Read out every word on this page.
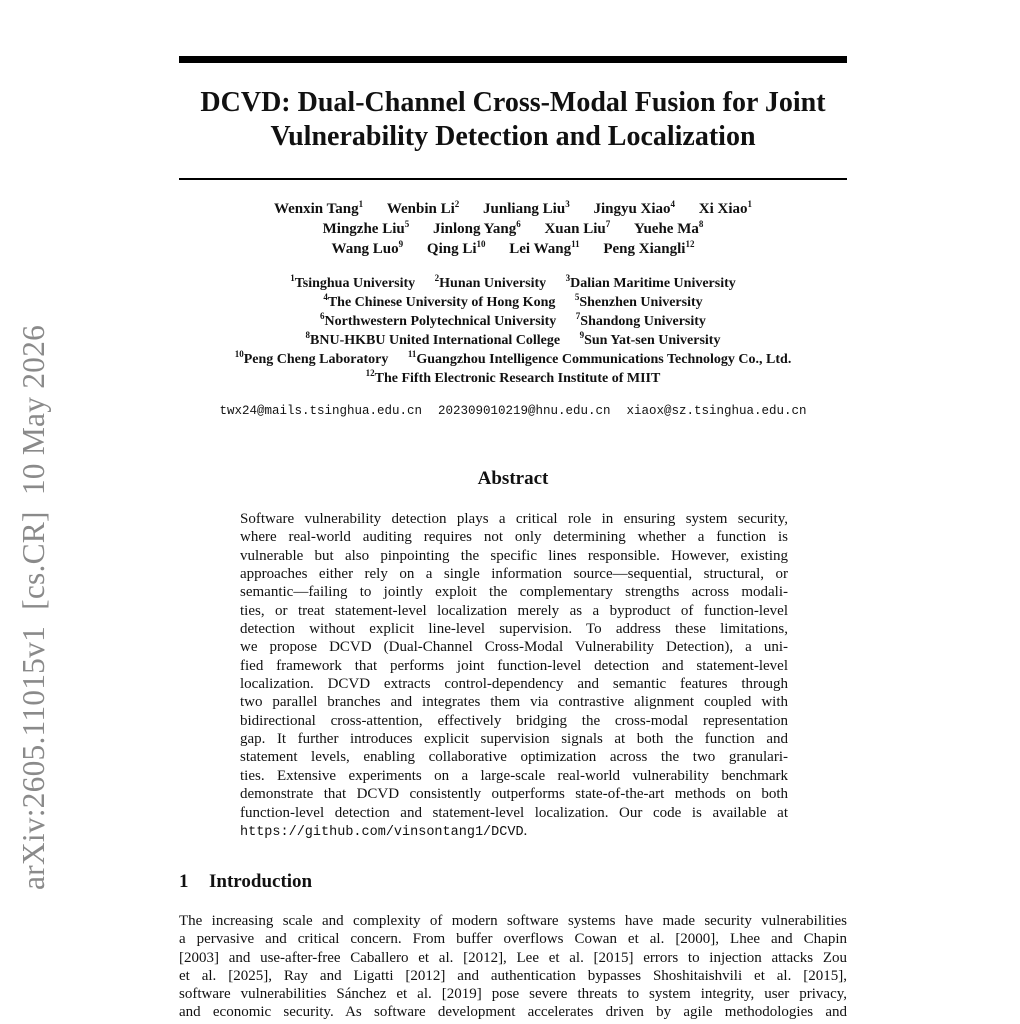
arXiv:2605.11015v1  [cs.CR]  10 May 2026
DCVD: Dual-Channel Cross-Modal Fusion for Joint
Vulnerability Detection and Localization
Wenxin Tang$^1$ Wenbin Li$^2$ Junliang Liu$^3$ Jingyu Xiao$^4$ Xi Xiao$^1$
Mingzhe Liu$^5$ Jinlong Yang$^6$ Xuan Liu$^7$ Yuehe Ma$^8$
Wang Luo$^9$ Qing Li$^{10}$ Lei Wang$^{11}$ Peng Xiangli$^{12}$
$^1$Tsinghua University $^2$Hunan University $^3$Dalian Maritime University
$^4$The Chinese University of Hong Kong $^5$Shenzhen University
$^6$Northwestern Polytechnical University $^7$Shandong University
$^8$BNU-HKBU United International College $^9$Sun Yat-sen University
$^{10}$Peng Cheng Laboratory $^{11}$Guangzhou Intelligence Communications Technology Co., Ltd.
$^{12}$The Fifth Electronic Research Institute of MIIT
twx24@mails.tsinghua.edu.cn 202309010219@hnu.edu.cn xiaox@sz.tsinghua.edu.cn
Abstract
Software vulnerability detection plays a critical role in ensuring system security,
where real-world auditing requires not only determining whether a function is
vulnerable but also pinpointing the specific lines responsible. However, existing
approaches either rely on a single information source—sequential, structural, or
semantic—failing to jointly exploit the complementary strengths across modali-
ties, or treat statement-level localization merely as a byproduct of function-level
detection without explicit line-level supervision. To address these limitations,
we propose DCVD (Dual-Channel Cross-Modal Vulnerability Detection), a uni-
fied framework that performs joint function-level detection and statement-level
localization. DCVD extracts control-dependency and semantic features through
two parallel branches and integrates them via contrastive alignment coupled with
bidirectional cross-attention, effectively bridging the cross-modal representation
gap. It further introduces explicit supervision signals at both the function and
statement levels, enabling collaborative optimization across the two granulari-
ties. Extensive experiments on a large-scale real-world vulnerability benchmark
demonstrate that DCVD consistently outperforms state-of-the-art methods on both
function-level detection and statement-level localization. Our code is available at
https://github.com/vinsontang1/DCVD.
1 Introduction
The increasing scale and complexity of modern software systems have made security vulnerabilities
a pervasive and critical concern. From buffer overflows Cowan et al. [2000], Lhee and Chapin
[2003] and use-after-free Caballero et al. [2012], Lee et al. [2015] errors to injection attacks Zou
et al. [2025], Ray and Ligatti [2012] and authentication bypasses Shoshitaishvili et al. [2015],
software vulnerabilities Sánchez et al. [2019] pose severe threats to system integrity, user privacy,
and economic security. As software development accelerates driven by agile methodologies and
